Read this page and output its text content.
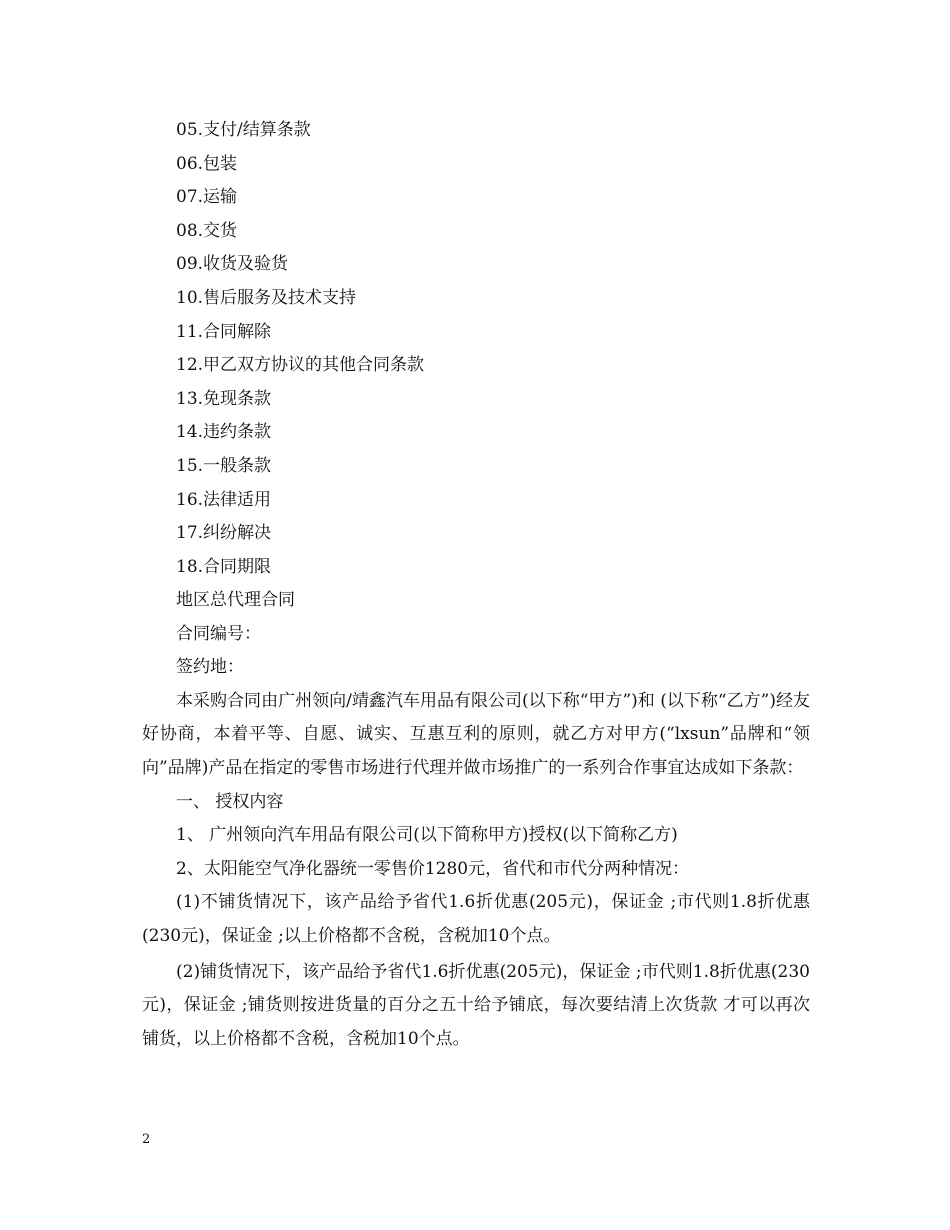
05.支付/结算条款
06.包装
07.运输
08.交货
09.收货及验货
10.售后服务及技术支持
11.合同解除
12.甲乙双方协议的其他合同条款
13.免现条款
14.违约条款
15.一般条款
16.法律适用
17.纠纷解决
18.合同期限
地区总代理合同
合同编号：
签约地：

本采购合同由广州领向/靖鑫汽车用品有限公司(以下称“甲方”)和 (以下称“乙方”)经友好协商，本着平等、自愿、诚实、互惠互利的原则，就乙方对甲方(“lxsun”品牌和“领向”品牌)产品在指定的零售市场进行代理并做市场推广的一系列合作事宜达成如下条款：

一、 授权内容
1、 广州领向汽车用品有限公司(以下简称甲方)授权(以下简称乙方)
2、太阳能空气净化器统一零售价1280元，省代和市代分两种情况：

(1)不铺货情况下，该产品给予省代1.6折优惠(205元)，保证金 ;市代则1.8折优惠(230元)，保证金 ;以上价格都不含税，含税加10个点。

(2)铺货情况下，该产品给予省代1.6折优惠(205元)，保证金 ;市代则1.8折优惠(230元)，保证金 ;铺货则按进货量的百分之五十给予铺底，每次要结清上次货款 才可以再次铺货，以上价格都不含税，含税加10个点。

2
